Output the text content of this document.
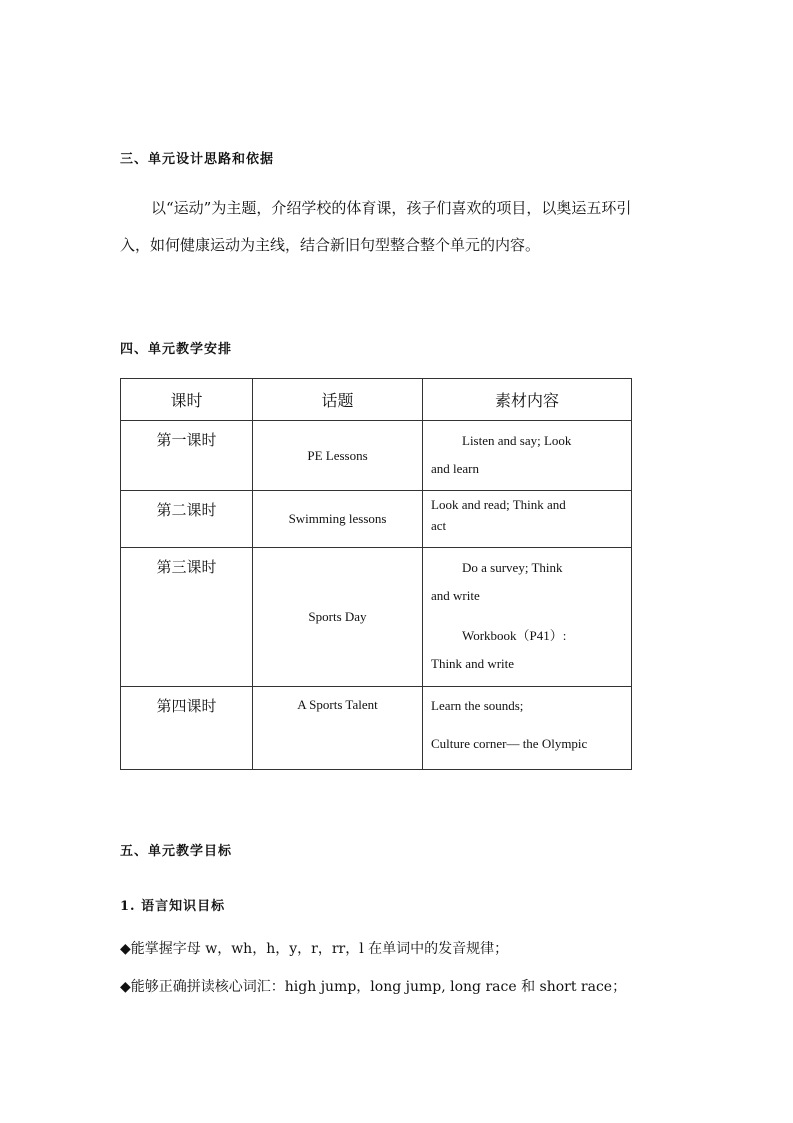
三、单元设计思路和依据
以“运动”为主题，介绍学校的体育课，孩子们喜欢的项目，以奥运五环引
入，如何健康运动为主线，结合新旧句型整合整个单元的内容。
四、单元教学安排
课时	话题	素材内容
第一课时	PE Lessons	Listen and say; Look
and learn

第二课时	Swimming lessons	Look and read; Think and
act

第三课时	Sports Day	Do a survey; Think
and write
Workbook（P41）:
Think and write

第四课时	A Sports Talent	Learn the sounds;
Culture corner— the Olympic
五、单元教学目标
1. 语言知识目标
◆能掌握字母 w，wh，h，y，r，rr，l 在单词中的发音规律；
◆能够正确拼读核心词汇：high jump，long jump, long race 和 short race；
